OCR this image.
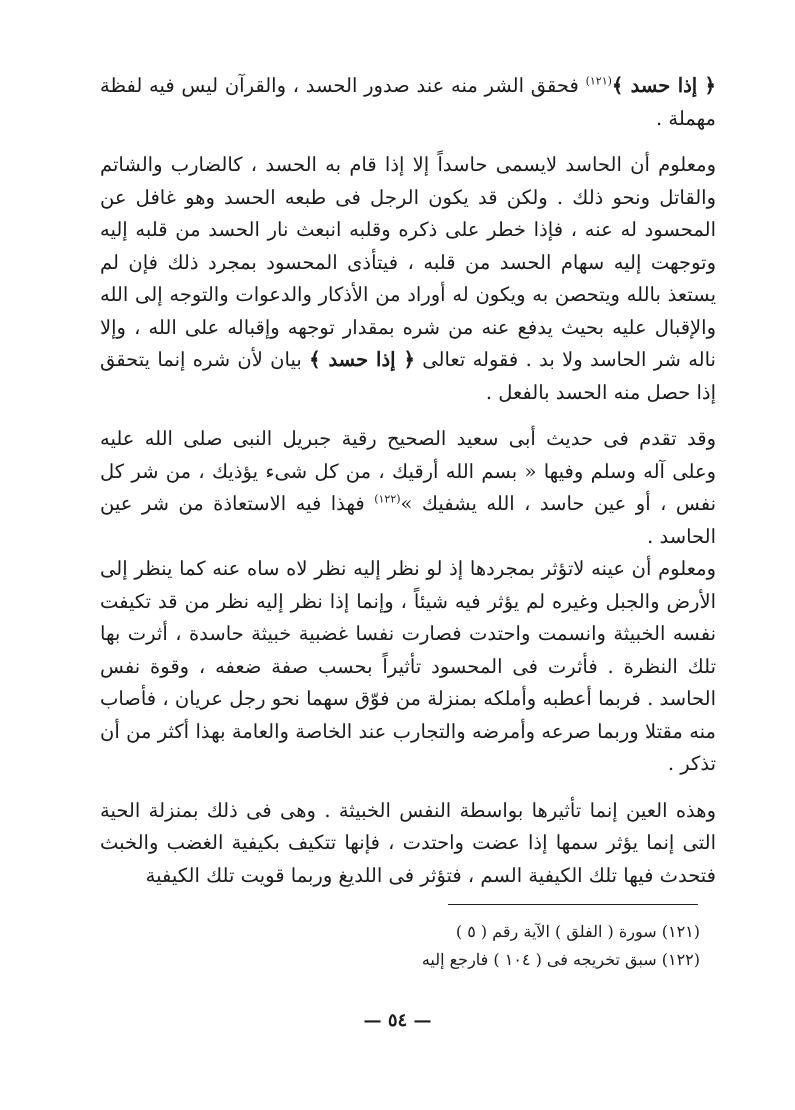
﴿ إذا حسد ﴾$^{(١٢١)}$ فحقق الشر منه عند صدور الحسد ، والقرآن ليس فيه لفظة مهملة .

ومعلوم أن الحاسد لايسمى حاسداً إلا إذا قام به الحسد ، كالضارب والشاتم والقاتل ونحو ذلك . ولكن قد يكون الرجل فى طبعه الحسد وهو غافل عن المحسود له عنه ، فإذا خطر على ذكره وقلبه انبعث نار الحسد من قلبه إليه وتوجهت إليه سهام الحسد من قلبه ، فيتأذى المحسود بمجرد ذلك فإن لم يستعذ بالله ويتحصن به ويكون له أوراد من الأذكار والدعوات والتوجه إلى الله والإقبال عليه بحيث يدفع عنه من شره بمقدار توجهه وإقباله على الله ، وإلا ناله شر الحاسد ولا بد . فقوله تعالى ﴿ إذا حسد ﴾ بيان لأن شره إنما يتحقق إذا حصل منه الحسد بالفعل .

وقد تقدم فى حديث أبى سعيد الصحيح رقية جبريل النبى صلى الله عليه وعلى آله وسلم وفيها « بسم الله أرقيك ، من كل شىء يؤذيك ، من شر كل نفس ، أو عين حاسد ، الله يشفيك »$^{(١٢٢)}$ فهذا فيه الاستعاذة من شر عين الحاسد .

ومعلوم أن عينه لاتؤثر بمجردها إذ لو نظر إليه نظر لاه ساه عنه كما ينظر إلى الأرض والجبل وغيره لم يؤثر فيه شيئاً ، وإنما إذا نظر إليه نظر من قد تكيفت نفسه الخبيثة وانسمت واحتدت فصارت نفسا غضبية خبيثة حاسدة ، أثرت بها تلك النظرة . فأثرت فى المحسود تأثيراً بحسب صفة ضعفه ، وقوة نفس الحاسد . فربما أعطبه وأملكه بمنزلة من فوّق سهما نحو رجل عريان ، فأصاب منه مقتلا وربما صرعه وأمرضه والتجارب عند الخاصة والعامة بهذا أكثر من أن تذكر .

وهذه العين إنما تأثيرها بواسطة النفس الخبيثة . وهى فى ذلك بمنزلة الحية التى إنما يؤثر سمها إذا عضت واحتدت ، فإنها تتكيف بكيفية الغضب والخبث فتحدث فيها تلك الكيفية السم ، فتؤثر فى اللديغ وربما قويت تلك الكيفية

(١٢١) سورة ( الفلق ) الآية رقم ( ٥ )

(١٢٢) سبق تخريجه فى ( ١٠٤ ) فارجع إليه

— ٥٤ —
